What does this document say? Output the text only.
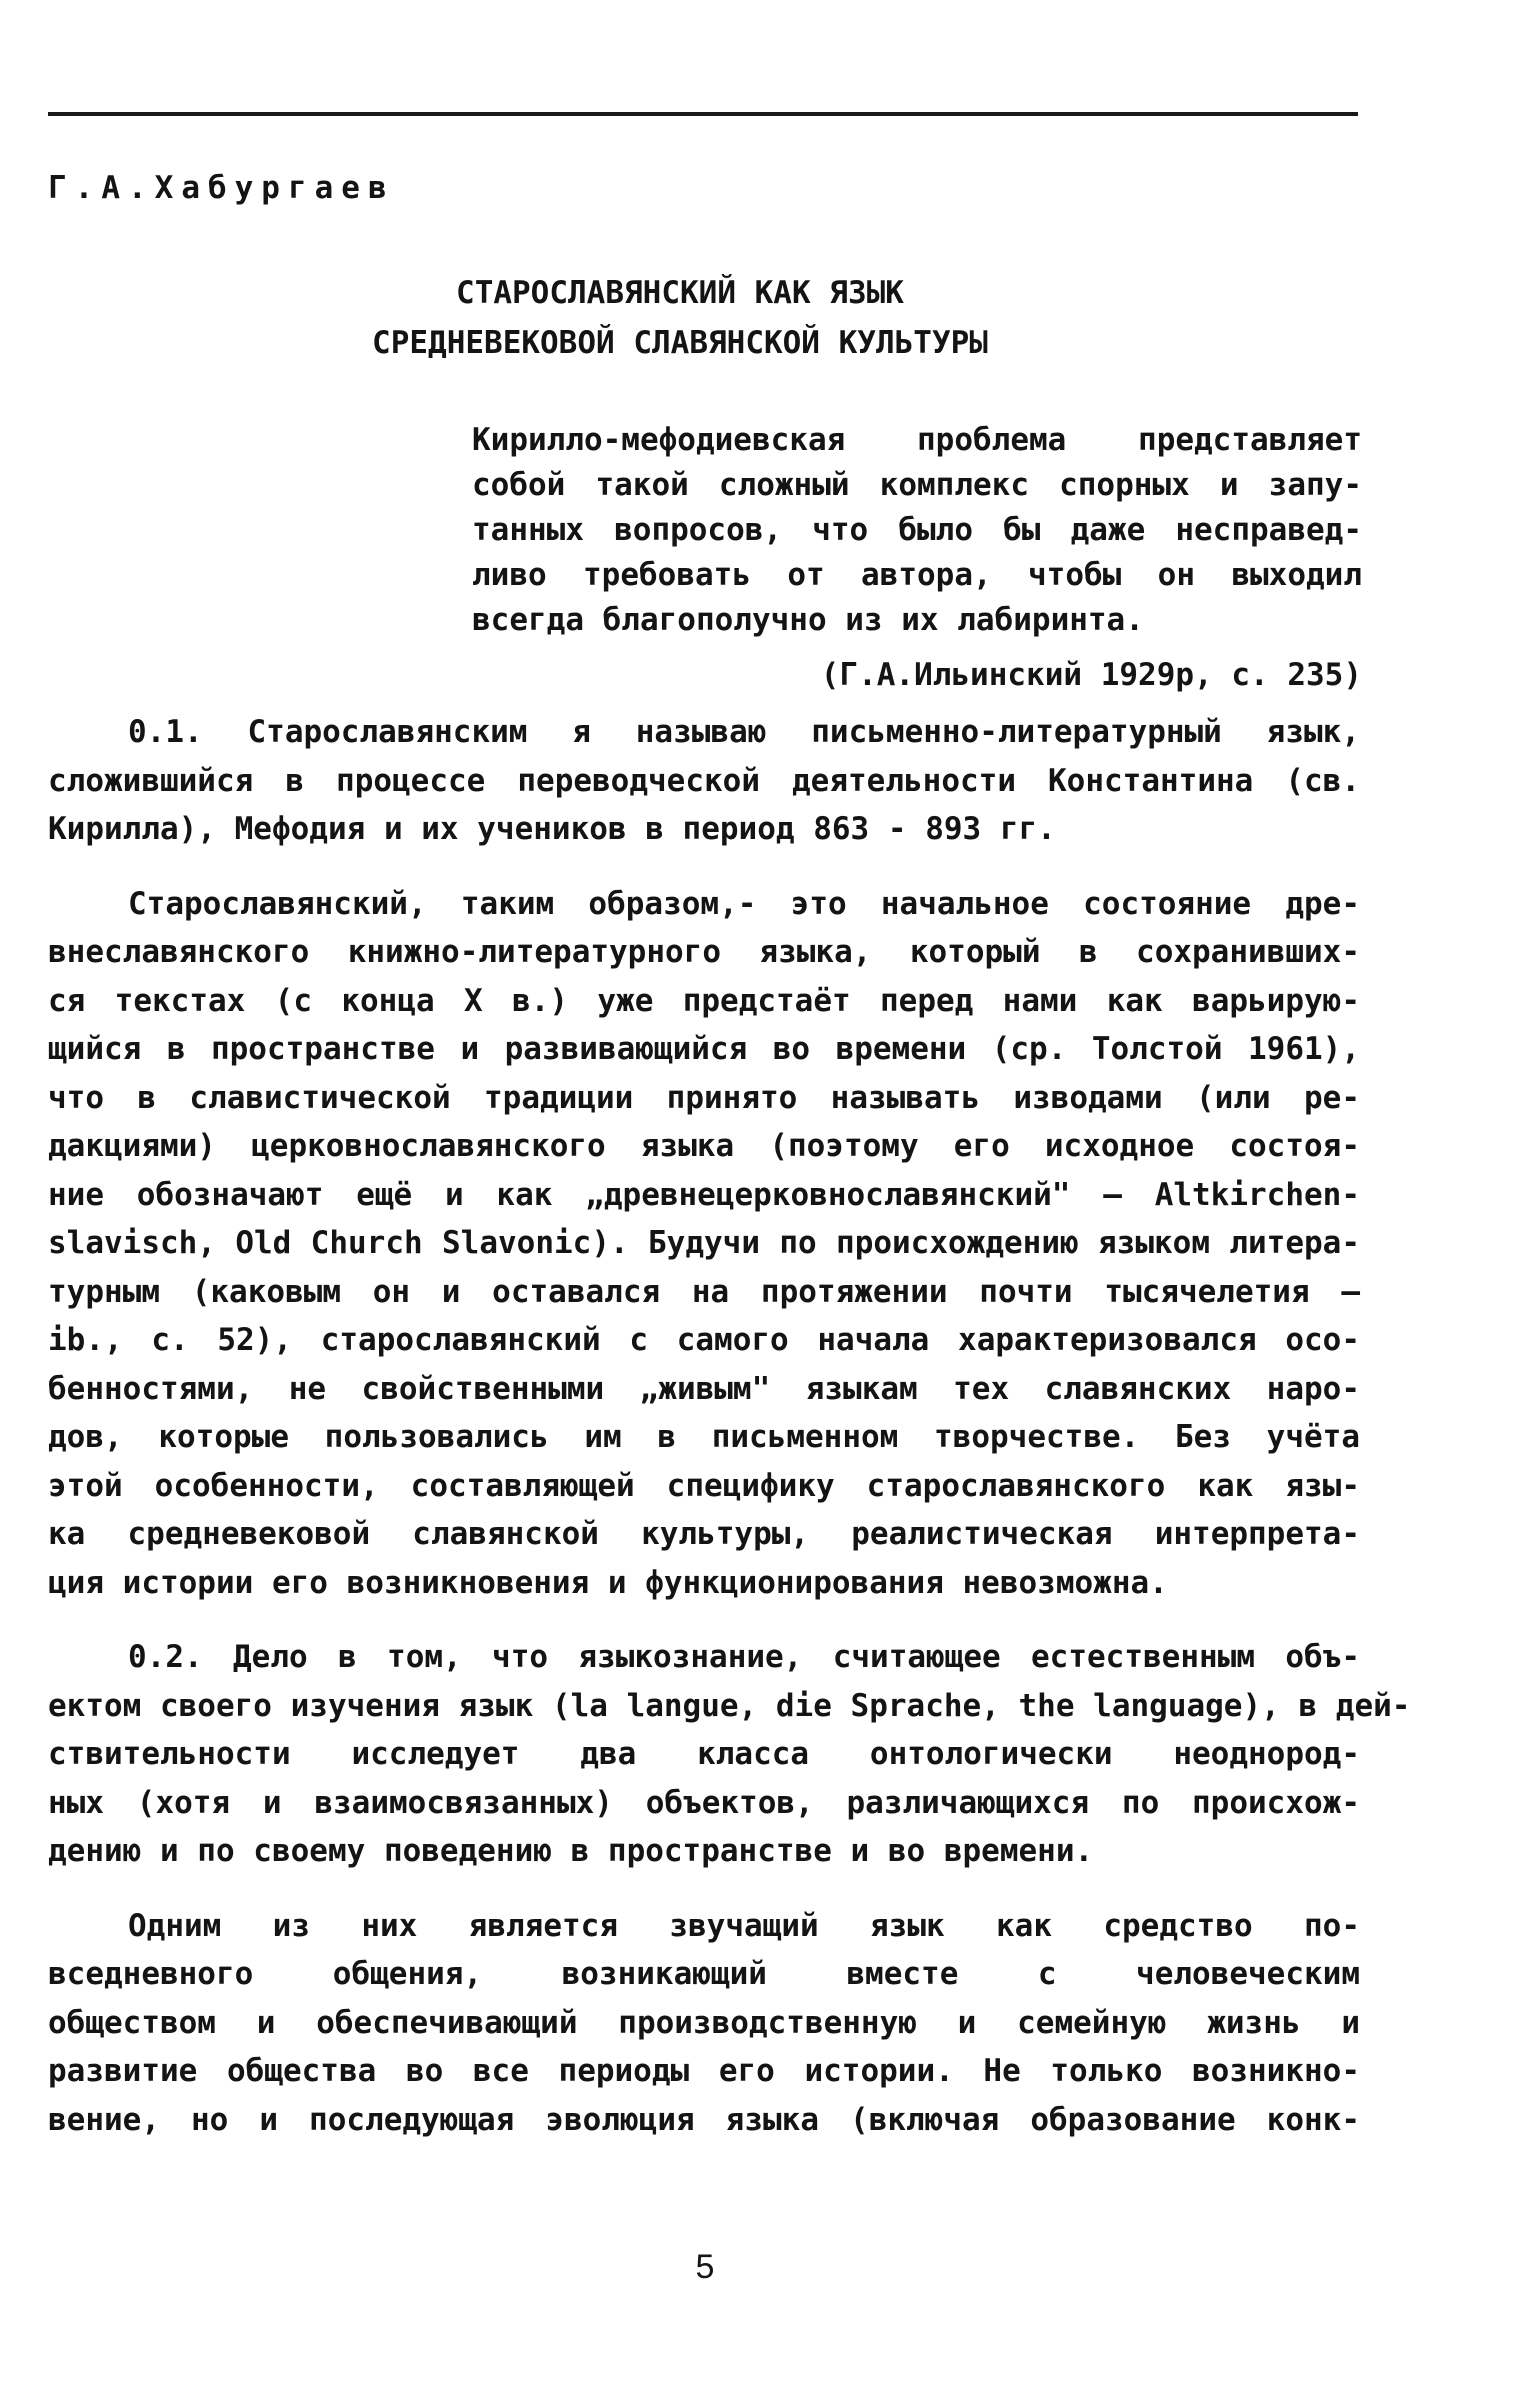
Г.А.Хабургаев
СТАРОСЛАВЯНСКИЙ КАК ЯЗЫК
СРЕДНЕВЕКОВОЙ СЛАВЯНСКОЙ КУЛЬТУРЫ
Кирилло-мефодиевская проблема представляет
собой такой сложный комплекс спорных и запу-
танных вопросов, что было бы даже несправед-
ливо требовать от автора, чтобы он выходил
всегда благополучно из их лабиринта.
(Г.А.Ильинский 1929р, с. 235)
0.1. Старославянским я называю письменно-литературный язык,
сложившийся в процессе переводческой деятельности Константина (св.
Кирилла), Мефодия и их учеников в период 863 - 893 гг.
Старославянский, таким образом,- это начальное состояние дре-
внеславянского книжно-литературного языка, который в сохранивших-
ся текстах (с конца X в.) уже предстаёт перед нами как варьирую-
щийся в пространстве и развивающийся во времени (ср. Толстой 1961),
что в славистической традиции принято называть изводами (или ре-
дакциями) церковнославянского языка (поэтому его исходное состоя-
ние обозначают ещё и как „древнецерковнославянский" — Altkirchen-
slavisch, Old Church Slavonic). Будучи по происхождению языком литера-
турным (каковым он и оставался на протяжении почти тысячелетия —
ib., с. 52), старославянский с самого начала характеризовался осо-
бенностями, не свойственными „живым" языкам тех славянских наро-
дов, которые пользовались им в письменном творчестве. Без учёта
этой особенности, составляющей специфику старославянского как язы-
ка средневековой славянской культуры, реалистическая интерпрета-
ция истории его возникновения и функционирования невозможна.
0.2. Дело в том, что языкознание, считающее естественным объ-
ектом своего изучения язык (la langue, die Sprache, the language), в дей-
ствительности исследует два класса онтологически неоднород-
ных (хотя и взаимосвязанных) объектов, различающихся по происхож-
дению и по своему поведению в пространстве и во времени.
Одним из них является звучащий язык как средство по-
вседневного общения, возникающий вместе с человеческим
обществом и обеспечивающий производственную и семейную жизнь и
развитие общества во все периоды его истории. Не только возникно-
вение, но и последующая эволюция языка (включая образование конк-
5
